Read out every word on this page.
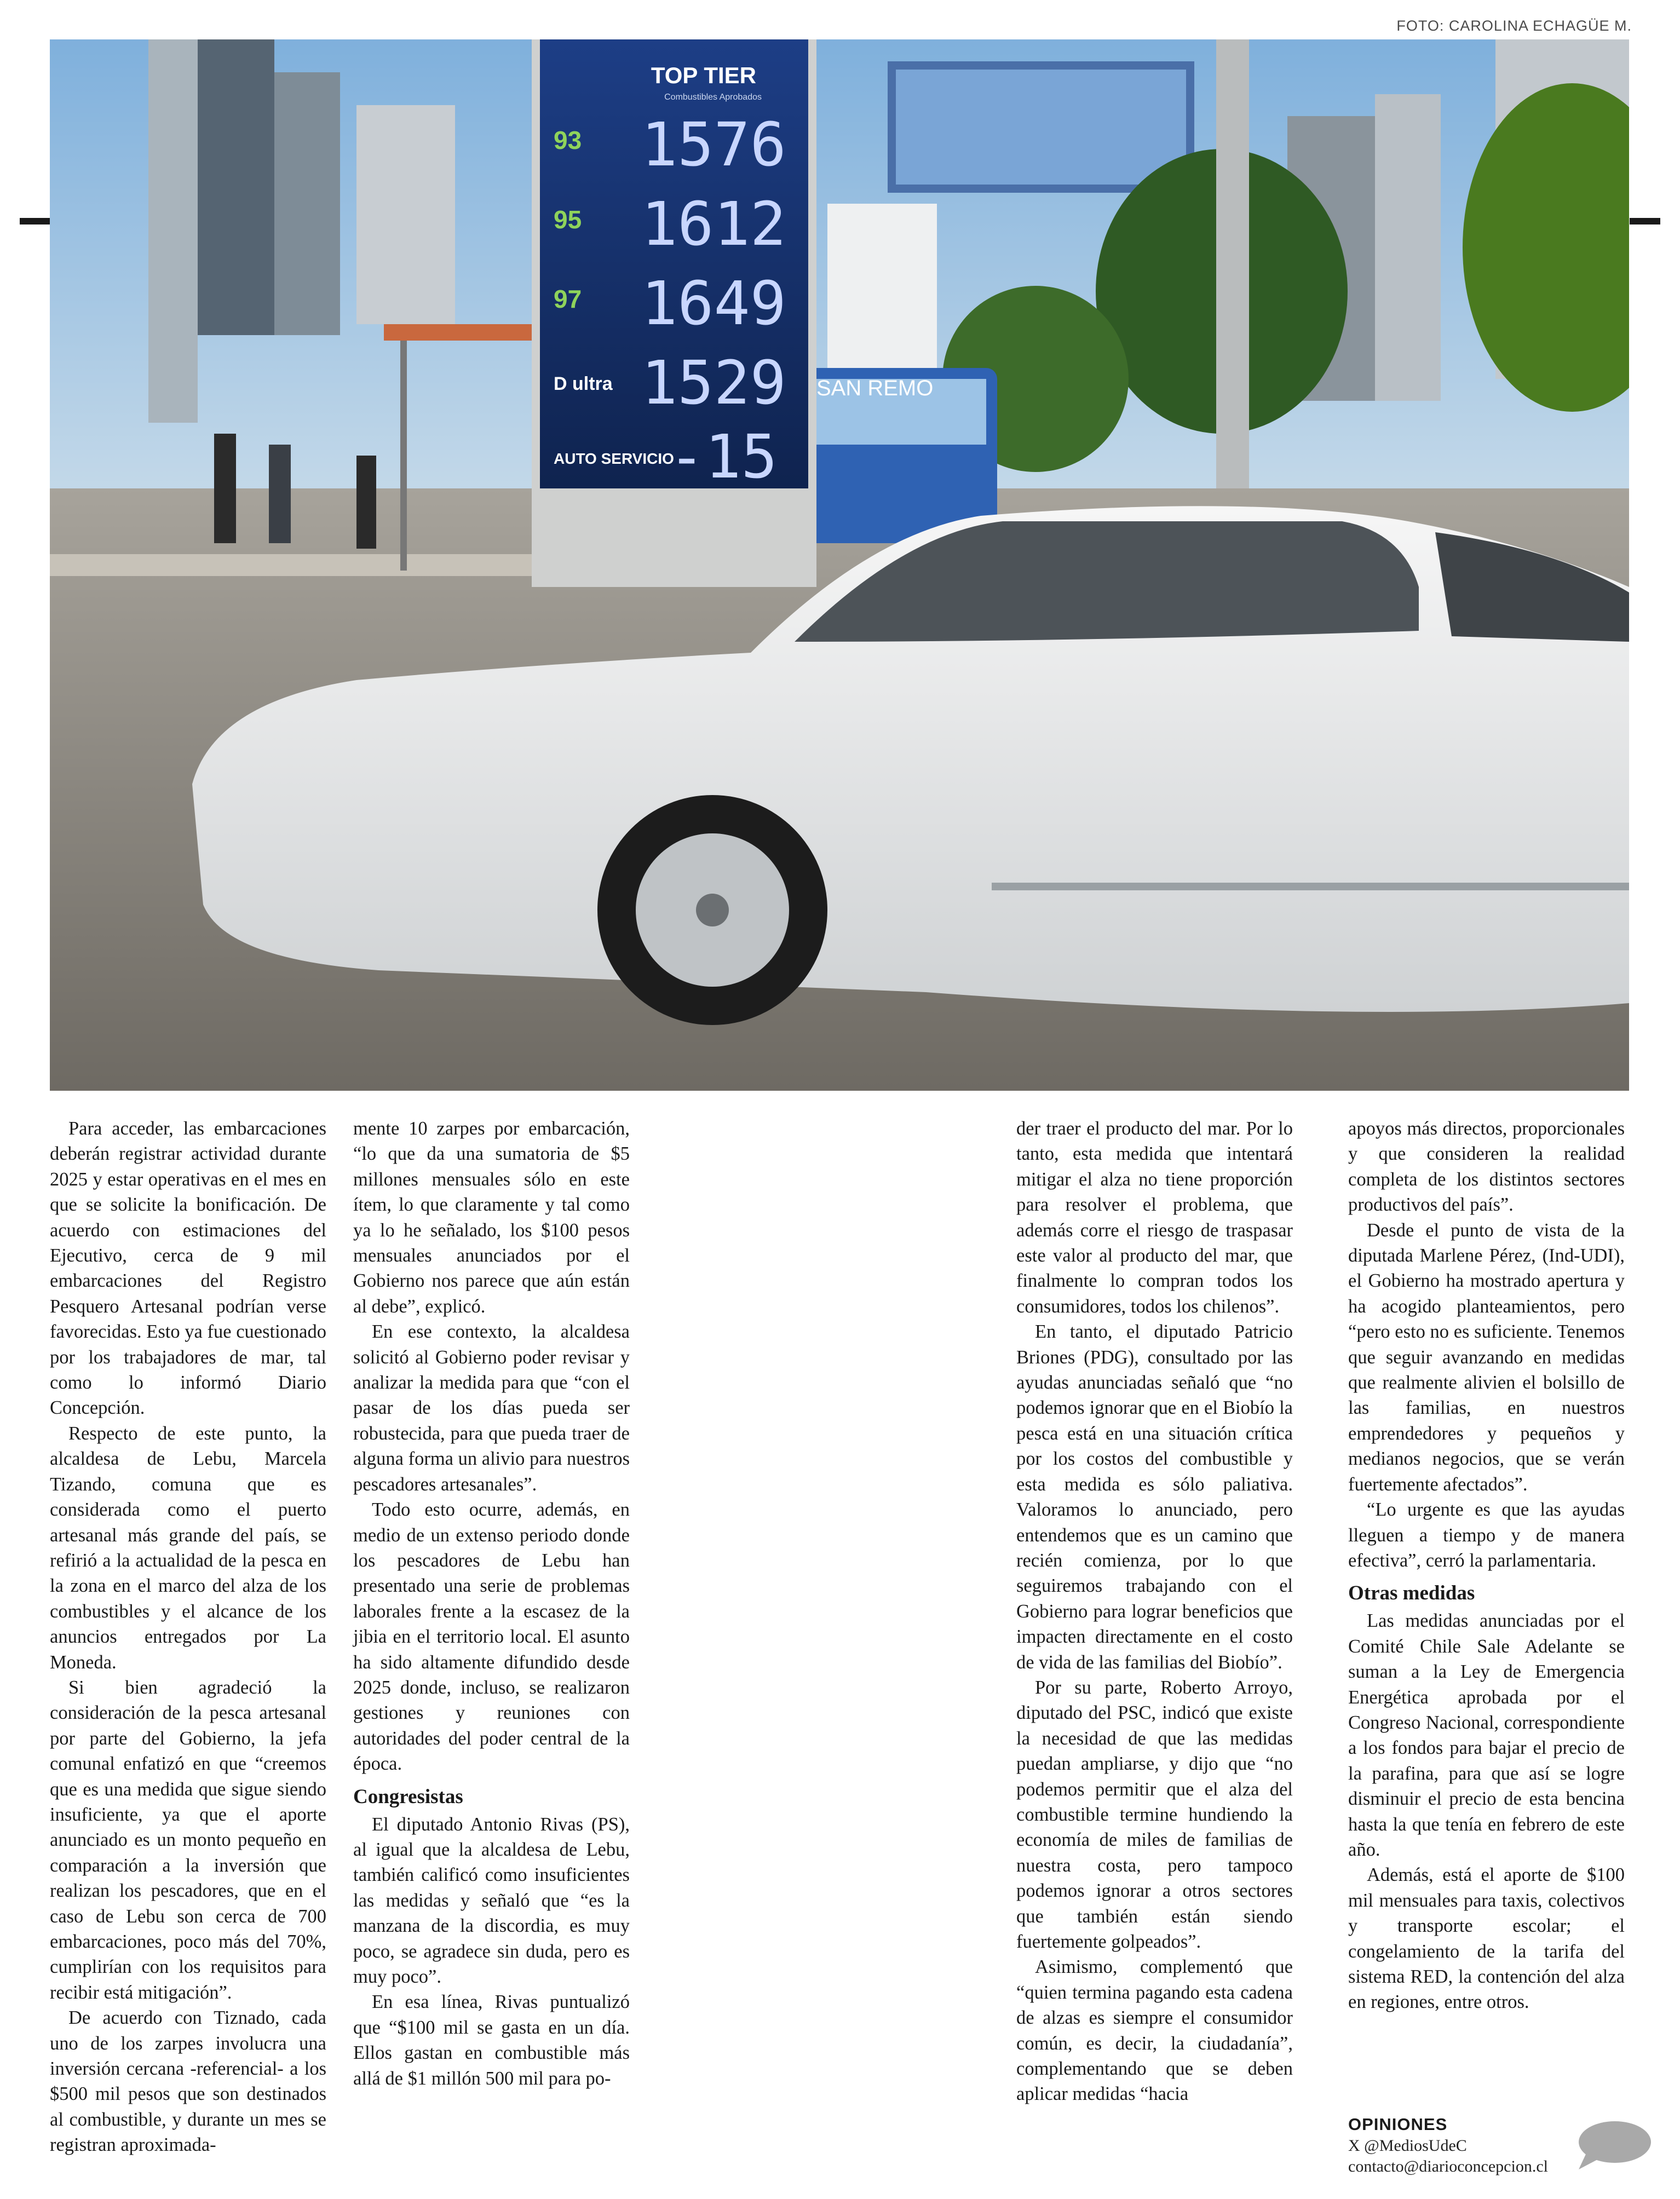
FOTO: CAROLINA ECHAGÜE M.
SAN REMO
TOP TIER
Combustibles Aprobados
93 1576
95 1612
97 1649
D ultra 1529
AUTO SERVICIO
-15

Para acceder, las embarcaciones deberán registrar actividad durante 2025 y estar operativas en el mes en que se solicite la bonificación. De acuerdo con estimaciones del Ejecutivo, cerca de 9 mil embarcaciones del Registro Pesquero Artesanal podrían verse favorecidas. Esto ya fue cuestionado por los trabajadores de mar, tal como lo informó Diario Concepción.

Respecto de este punto, la alcaldesa de Lebu, Marcela Tizando, comuna que es considerada como el puerto artesanal más grande del país, se refirió a la actualidad de la pesca en la zona en el marco del alza de los combustibles y el alcance de los anuncios entregados por La Moneda.

Si bien agradeció la consideración de la pesca artesanal por parte del Gobierno, la jefa comunal enfatizó en que “creemos que es una medida que sigue siendo insuficiente, ya que el aporte anunciado es un monto pequeño en comparación a la inversión que realizan los pescadores, que en el caso de Lebu son cerca de 700 embarcaciones, poco más del 70%, cumplirían con los requisitos para recibir está mitigación”.

De acuerdo con Tiznado, cada uno de los zarpes involucra una inversión cercana -referencial- a los $500 mil pesos que son destinados al combustible, y durante un mes se registran aproximada-

mente 10 zarpes por embarcación, “lo que da una sumatoria de $5 millones mensuales sólo en este ítem, lo que claramente y tal como ya lo he señalado, los $100 pesos mensuales anunciados por el Gobierno nos parece que aún están al debe”, explicó.

En ese contexto, la alcaldesa solicitó al Gobierno poder revisar y analizar la medida para que “con el pasar de los días pueda ser robustecida, para que pueda traer de alguna forma un alivio para nuestros pescadores artesanales”.

Todo esto ocurre, además, en medio de un extenso periodo donde los pescadores de Lebu han presentado una serie de problemas laborales frente a la escasez de la jibia en el territorio local. El asunto ha sido altamente difundido desde 2025 donde, incluso, se realizaron gestiones y reuniones con autoridades del poder central de la época.

Congresistas

El diputado Antonio Rivas (PS), al igual que la alcaldesa de Lebu, también calificó como insuficientes las medidas y señaló que “es la manzana de la discordia, es muy poco, se agradece sin duda, pero es muy poco”.

En esa línea, Rivas puntualizó que “$100 mil se gasta en un día. Ellos gastan en combustible más allá de $1 millón 500 mil para po-

der traer el producto del mar. Por lo tanto, esta medida que intentará mitigar el alza no tiene proporción para resolver el problema, que además corre el riesgo de traspasar este valor al producto del mar, que finalmente lo compran todos los consumidores, todos los chilenos”.

En tanto, el diputado Patricio Briones (PDG), consultado por las ayudas anunciadas señaló que “no podemos ignorar que en el Biobío la pesca está en una situación crítica por los costos del combustible y esta medida es sólo paliativa. Valoramos lo anunciado, pero entendemos que es un camino que recién comienza, por lo que seguiremos trabajando con el Gobierno para lograr beneficios que impacten directamente en el costo de vida de las familias del Biobío”.

Por su parte, Roberto Arroyo, diputado del PSC, indicó que existe la necesidad de que las medidas puedan ampliarse, y dijo que “no podemos permitir que el alza del combustible termine hundiendo la economía de miles de familias de nuestra costa, pero tampoco podemos ignorar a otros sectores que también están siendo fuertemente golpeados”.

Asimismo, complementó que “quien termina pagando esta cadena de alzas es siempre el consumidor común, es decir, la ciudadanía”, complementando que se deben aplicar medidas “hacia

apoyos más directos, proporcionales y que consideren la realidad completa de los distintos sectores productivos del país”.

Desde el punto de vista de la diputada Marlene Pérez, (Ind-UDI), el Gobierno ha mostrado apertura y ha acogido planteamientos, pero “pero esto no es suficiente. Tenemos que seguir avanzando en medidas que realmente alivien el bolsillo de las familias, en nuestros emprendedores y pequeños y medianos negocios, que se verán fuertemente afectados”.

“Lo urgente es que las ayudas lleguen a tiempo y de manera efectiva”, cerró la parlamentaria.

Otras medidas

Las medidas anunciadas por el Comité Chile Sale Adelante se suman a la Ley de Emergencia Energética aprobada por el Congreso Nacional, correspondiente a los fondos para bajar el precio de la parafina, para que así se logre disminuir el precio de esta bencina hasta la que tenía en febrero de este año.

Además, está el aporte de $100 mil mensuales para taxis, colectivos y transporte escolar; el congelamiento de la tarifa del sistema RED, la contención del alza en regiones, entre otros.

OPINIONES
X @MediosUdeC
contacto@diarioconcepcion.cl
